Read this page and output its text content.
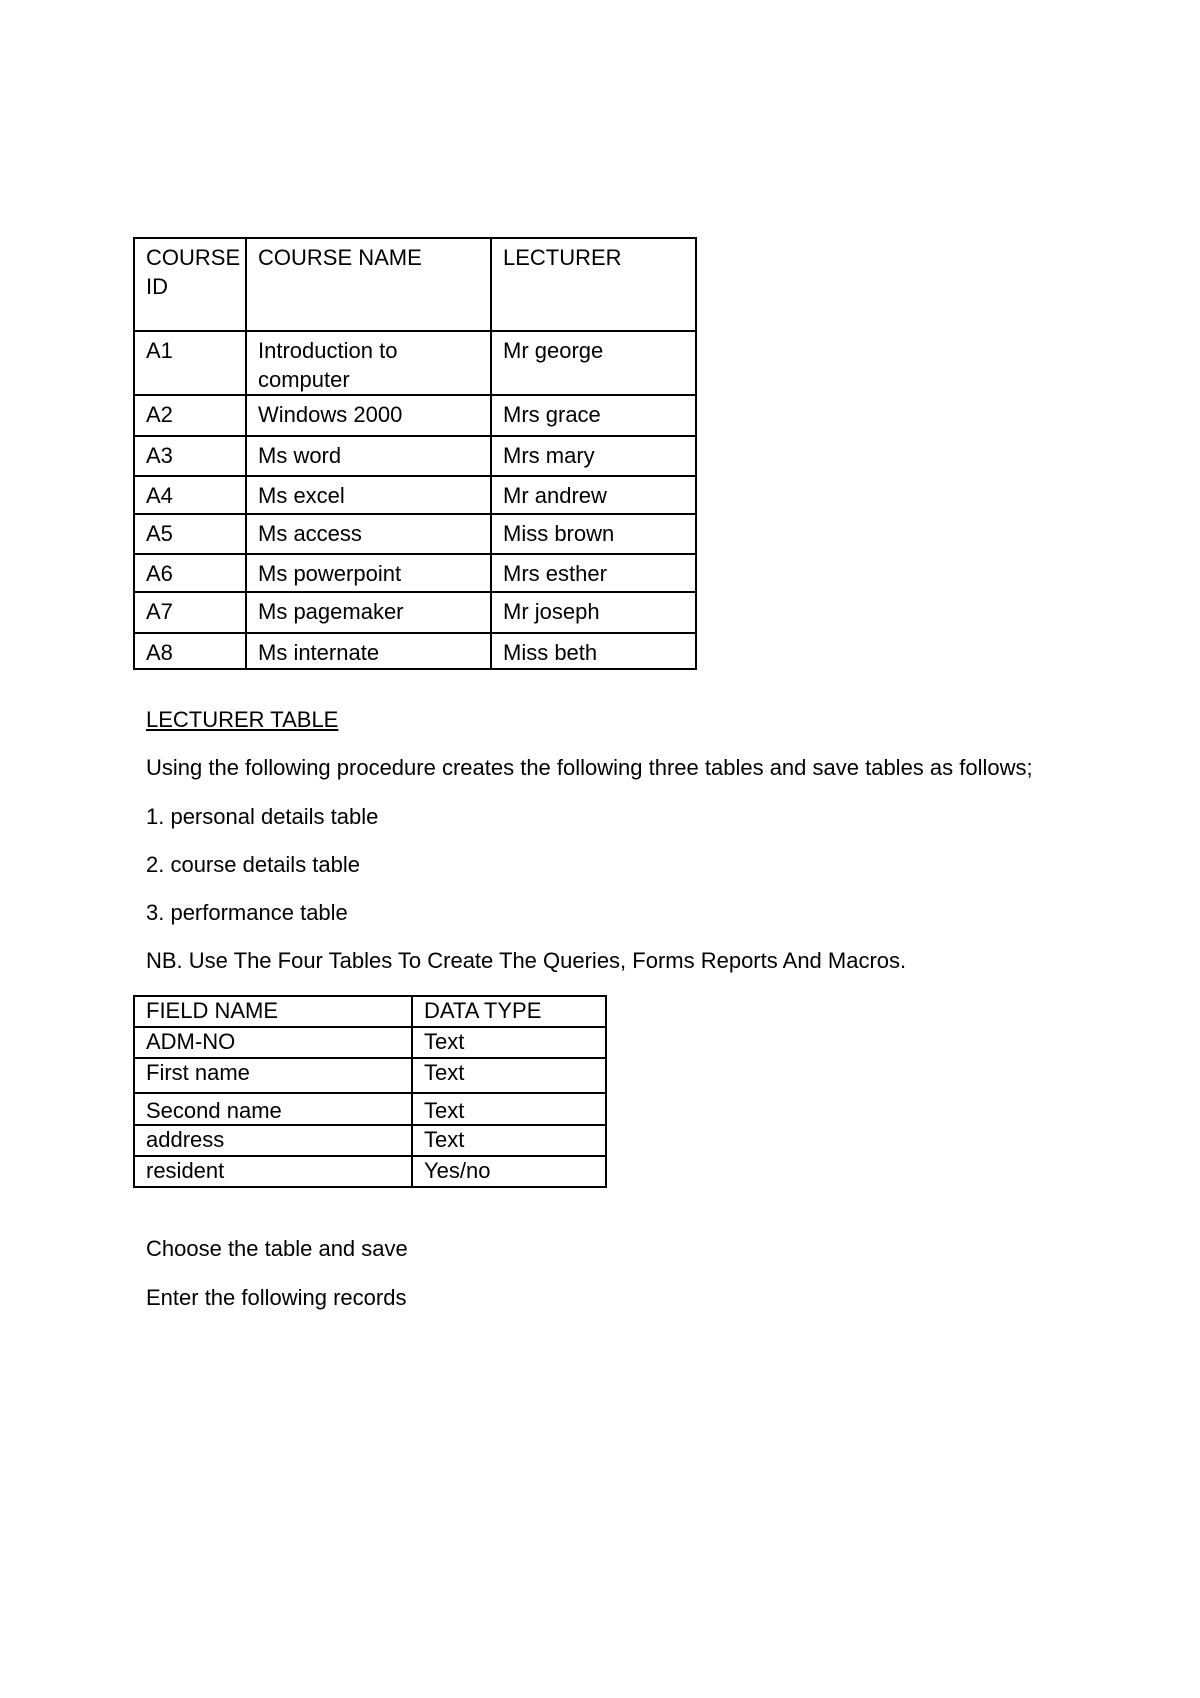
COURSE ID	COURSE NAME	LECTURER
A1	Introduction to computer	Mr george
A2	Windows 2000	Mrs grace
A3	Ms word	Mrs mary
A4	Ms excel	Mr andrew
A5	Ms access	Miss brown
A6	Ms powerpoint	Mrs esther
A7	Ms pagemaker	Mr joseph
A8	Ms internate	Miss beth
LECTURER TABLE
Using the following procedure creates the following three tables and save tables as follows;
1. personal details table
2. course details table
3. performance table
NB. Use The Four Tables To Create The Queries, Forms Reports And Macros.
FIELD NAME	DATA TYPE
ADM-NO	Text
First name	Text
Second name	Text
address	Text
resident	Yes/no
Choose the table and save
Enter the following records
